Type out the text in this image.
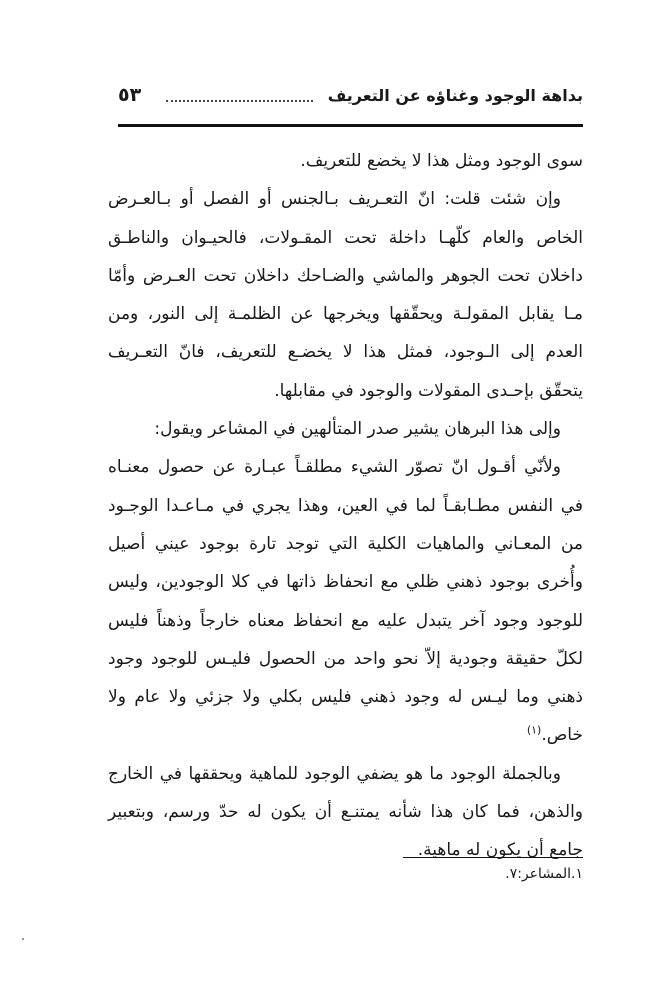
بداهة الوجود وغناؤه عن التعريف
٥٣

سوى الوجود ومثل هذا لا يخضع للتعريف.

وإن شئت قلت: انّ التعـريف بـالجنس أو الفصل أو بـالعـرض الخاص والعام كلّهـا داخلة تحت المقـولات، فالحيـوان والناطـق داخلان تحت الجوهر والماشي والضـاحك داخلان تحت العـرض وأمّا مـا يقابل المقولـة ويحقّقها ويخرجها عن الظلمـة إلى النور، ومن العدم إلى الـوجود، فمثل هذا لا يخضـع للتعريف، فانّ التعـريف يتحقّق بإحـدى المقولات والوجود في مقابلها.

وإلى هذا البرهان يشير صدر المتألهين في المشاعر ويقول:

ولأنّي أقـول انّ تصوّر الشيء مطلقـاً عبـارة عن حصول معنـاه في النفس مطـابقـاً لما في العين، وهذا يجري في مـاعـدا الوجـود من المعـاني والماهيات الكلية التي توجد تارة بوجود عيني أصيل وأُخرى بوجود ذهني ظلي مع انحفاظ ذاتها في كلا الوجودين، وليس للوجود وجود آخر يتبدل عليه مع انحفاظ معناه خارجاً وذهناً فليس لكلّ حقيقة وجودية إلاّ نحو واحد من الحصول فليـس للوجود وجود ذهني وما ليـس له وجود ذهني فليس بكلي ولا جزئي ولا عام ولا خاص.$^{(١)}$

وبالجملة الوجود ما هو يضفي الوجود للماهية ويحققها في الخارج والذهن، فما كان هذا شأنه يمتنـع أن يكون له حدّ ورسم، وبتعبير جامع أن يكون له ماهية.

١.المشاعر:٧.
